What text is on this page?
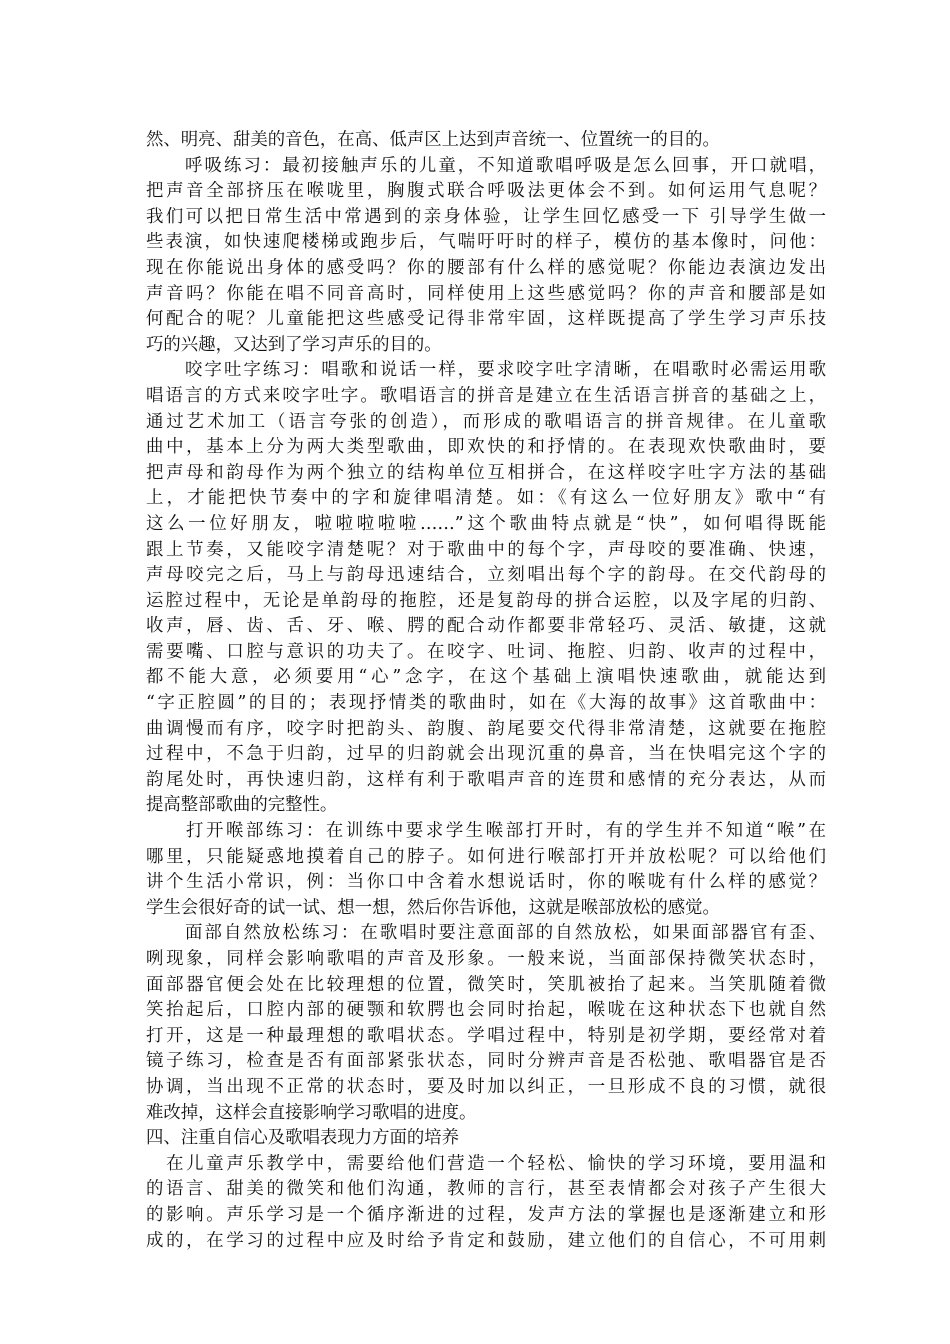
然、明亮、甜美的音色，在高、低声区上达到声音统一、位置统一的目的。
　　呼吸练习：最初接触声乐的儿童，不知道歌唱呼吸是怎么回事，开口就唱，
把声音全部挤压在喉咙里，胸腹式联合呼吸法更体会不到。如何运用气息呢？
我们可以把日常生活中常遇到的亲身体验，让学生回忆感受一下 引导学生做一
些表演，如快速爬楼梯或跑步后，气喘吁吁时的样子，模仿的基本像时，问他：
现在你能说出身体的感受吗？你的腰部有什么样的感觉呢？你能边表演边发出
声音吗？你能在唱不同音高时，同样使用上这些感觉吗？你的声音和腰部是如
何配合的呢？儿童能把这些感受记得非常牢固，这样既提高了学生学习声乐技
巧的兴趣，又达到了学习声乐的目的。
　　咬字吐字练习：唱歌和说话一样，要求咬字吐字清晰，在唱歌时必需运用歌
唱语言的方式来咬字吐字。歌唱语言的拼音是建立在生活语言拼音的基础之上，
通过艺术加工（语言夸张的创造），而形成的歌唱语言的拼音规律。在儿童歌
曲中，基本上分为两大类型歌曲，即欢快的和抒情的。在表现欢快歌曲时，要
把声母和韵母作为两个独立的结构单位互相拼合，在这样咬字吐字方法的基础
上，才能把快节奏中的字和旋律唱清楚。如：《有这么一位好朋友》歌中“有
这么一位好朋友，啦啦啦啦啦……”这个歌曲特点就是“快”，如何唱得既能
跟上节奏，又能咬字清楚呢？对于歌曲中的每个字，声母咬的要准确、快速，
声母咬完之后，马上与韵母迅速结合，立刻唱出每个字的韵母。在交代韵母的
运腔过程中，无论是单韵母的拖腔，还是复韵母的拼合运腔，以及字尾的归韵、
收声，唇、齿、舌、牙、喉、腭的配合动作都要非常轻巧、灵活、敏捷，这就
需要嘴、口腔与意识的功夫了。在咬字、吐词、拖腔、归韵、收声的过程中，
都不能大意，必须要用“心”念字，在这个基础上演唱快速歌曲，就能达到
“字正腔圆”的目的；表现抒情类的歌曲时，如在《大海的故事》这首歌曲中：
曲调慢而有序，咬字时把韵头、韵腹、韵尾要交代得非常清楚，这就要在拖腔
过程中，不急于归韵，过早的归韵就会出现沉重的鼻音，当在快唱完这个字的
韵尾处时，再快速归韵，这样有利于歌唱声音的连贯和感情的充分表达，从而
提高整部歌曲的完整性。
　　打开喉部练习：在训练中要求学生喉部打开时，有的学生并不知道“喉”在
哪里，只能疑惑地摸着自己的脖子。如何进行喉部打开并放松呢？可以给他们
讲个生活小常识，例：当你口中含着水想说话时，你的喉咙有什么样的感觉？
学生会很好奇的试一试、想一想，然后你告诉他，这就是喉部放松的感觉。
　　面部自然放松练习：在歌唱时要注意面部的自然放松，如果面部器官有歪、
咧现象，同样会影响歌唱的声音及形象。一般来说，当面部保持微笑状态时，
面部器官便会处在比较理想的位置，微笑时，笑肌被抬了起来。当笑肌随着微
笑抬起后，口腔内部的硬颚和软腭也会同时抬起，喉咙在这种状态下也就自然
打开，这是一种最理想的歌唱状态。学唱过程中，特别是初学期，要经常对着
镜子练习，检查是否有面部紧张状态，同时分辨声音是否松弛、歌唱器官是否
协调，当出现不正常的状态时，要及时加以纠正，一旦形成不良的习惯，就很
难改掉，这样会直接影响学习歌唱的进度。
四、注重自信心及歌唱表现力方面的培养
　在儿童声乐教学中，需要给他们营造一个轻松、愉快的学习环境，要用温和
的语言、甜美的微笑和他们沟通，教师的言行，甚至表情都会对孩子产生很大
的影响。声乐学习是一个循序渐进的过程，发声方法的掌握也是逐渐建立和形
成的，在学习的过程中应及时给予肯定和鼓励，建立他们的自信心，不可用刺
